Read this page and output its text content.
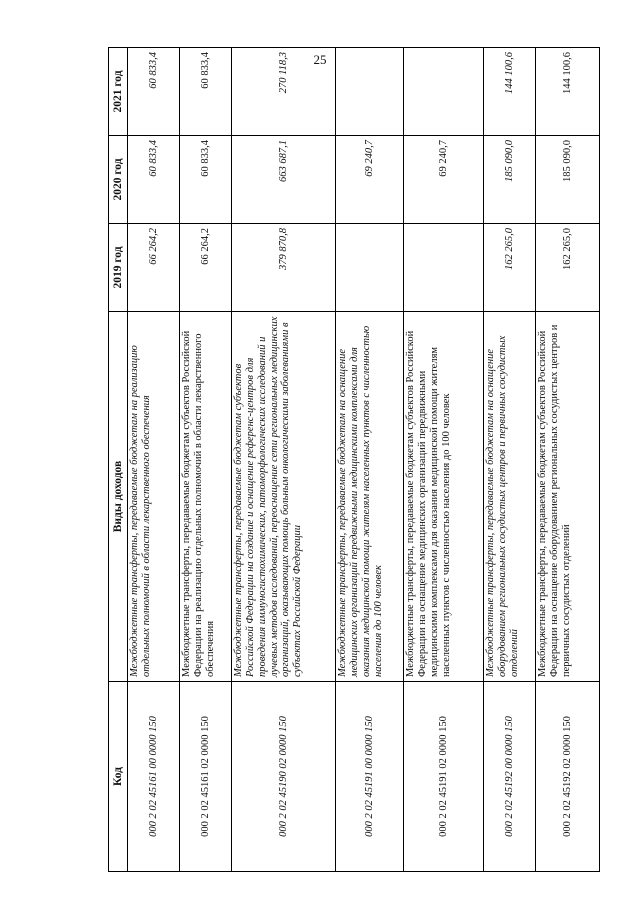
25
Код	Виды доходов	2019 год	2020 год	2021 год
000 2 02 45161 00 0000 150	Межбюджетные трансферты, передаваемые бюджетам на реализацию отдельных полномочий в области лекарственного обеспечения	66 264,2	60 833,4	60 833,4
000 2 02 45161 02 0000 150	Межбюджетные трансферты, передаваемые бюджетам субъектов Российской Федерации на реализацию отдельных полномочий в области лекарственного обеспечения	66 264,2	60 833,4	60 833,4
000 2 02 45190 02 0000 150	Межбюджетные трансферты, передаваемые бюджетам субъектов Российской Федерации на создание и оснащение референс-центров для проведения иммуногистохимических, патоморфологических исследований и лучевых методов исследований, переоснащение сети региональных медицинских организаций, оказывающих помощь больным онкологическими заболеваниями в субъектах Российской Федерации	379 870,8	663 687,1	270 118,3
000 2 02 45191 00 0000 150	Межбюджетные трансферты, передаваемые бюджетам на оснащение медицинских организаций передвижными медицинскими комплексами для оказания медицинской помощи жителям населенных пунктов с численностью населения до 100 человек		69 240,7	
000 2 02 45191 02 0000 150	Межбюджетные трансферты, передаваемые бюджетам субъектов Российской Федерации на оснащение медицинских организаций передвижными медицинскими комплексами для оказания медицинской помощи жителям населенных пунктов с численностью населения до 100 человек		69 240,7	
000 2 02 45192 00 0000 150	Межбюджетные трансферты, передаваемые бюджетам на оснащение оборудованием региональных сосудистых центров и первичных сосудистых отделений	162 265,0	185 090,0	144 100,6
000 2 02 45192 02 0000 150	Межбюджетные трансферты, передаваемые бюджетам субъектов Российской Федерации на оснащение оборудованием региональных сосудистых центров и первичных сосудистых отделений	162 265,0	185 090,0	144 100,6
